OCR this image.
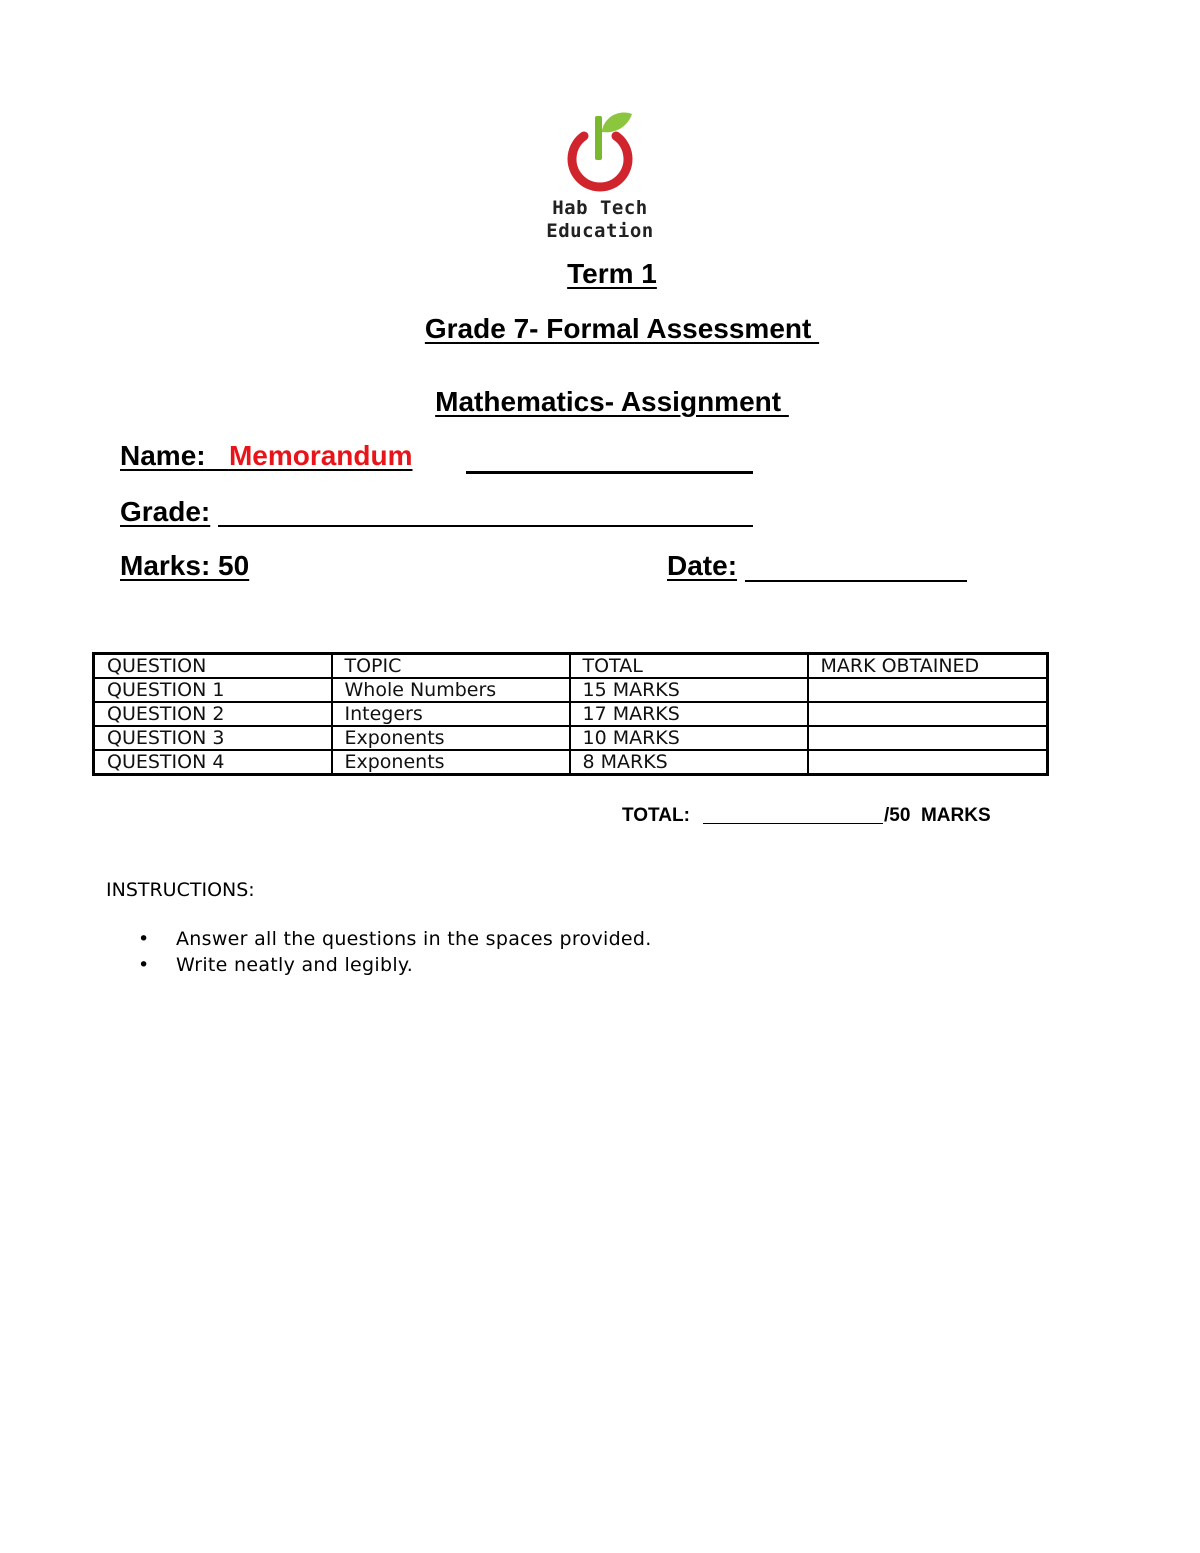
Hab Tech
Education
Term 1
Grade 7- Formal Assessment
Mathematics- Assignment
Name:   Memorandum
Grade:
Marks: 50	Date:
QUESTION	TOPIC	TOTAL	MARK OBTAINED
QUESTION 1	Whole Numbers	15 MARKS	
QUESTION 2	Integers	17 MARKS	
QUESTION 3	Exponents	10 MARKS	
QUESTION 4	Exponents	8 MARKS	
TOTAL:	/50  MARKS
INSTRUCTIONS:
• Answer all the questions in the spaces provided.
• Write neatly and legibly.
